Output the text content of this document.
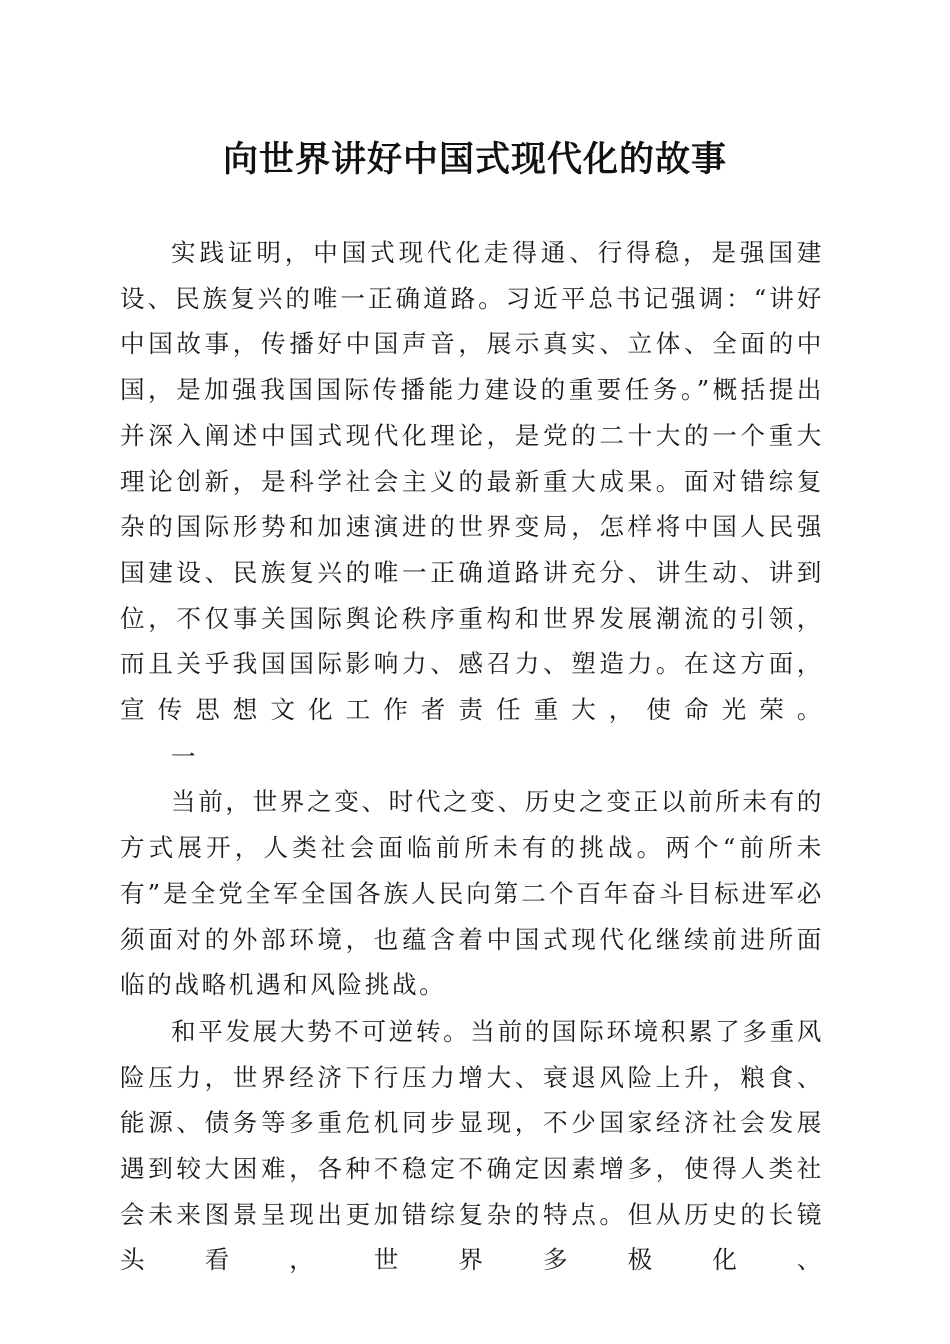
向世界讲好中国式现代化的故事

实践证明，中国式现代化走得通、行得稳，是强国建设、民族复兴的唯一正确道路。习近平总书记强调：“讲好中国故事，传播好中国声音，展示真实、立体、全面的中国，是加强我国国际传播能力建设的重要任务。”概括提出并深入阐述中国式现代化理论，是党的二十大的一个重大理论创新，是科学社会主义的最新重大成果。面对错综复杂的国际形势和加速演进的世界变局，怎样将中国人民强国建设、民族复兴的唯一正确道路讲充分、讲生动、讲到位，不仅事关国际舆论秩序重构和世界发展潮流的引领，而且关乎我国国际影响力、感召力、塑造力。在这方面，宣传思想文化工作者责任重大，使命光荣。

一

当前，世界之变、时代之变、历史之变正以前所未有的方式展开，人类社会面临前所未有的挑战。两个“前所未有”是全党全军全国各族人民向第二个百年奋斗目标进军必须面对的外部环境，也蕴含着中国式现代化继续前进所面临的战略机遇和风险挑战。

和平发展大势不可逆转。当前的国际环境积累了多重风险压力，世界经济下行压力增大、衰退风险上升，粮食、能源、债务等多重危机同步显现，不少国家经济社会发展遇到较大困难，各种不稳定不确定因素增多，使得人类社会未来图景呈现出更加错综复杂的特点。但从历史的长镜头看，世界多极化、
